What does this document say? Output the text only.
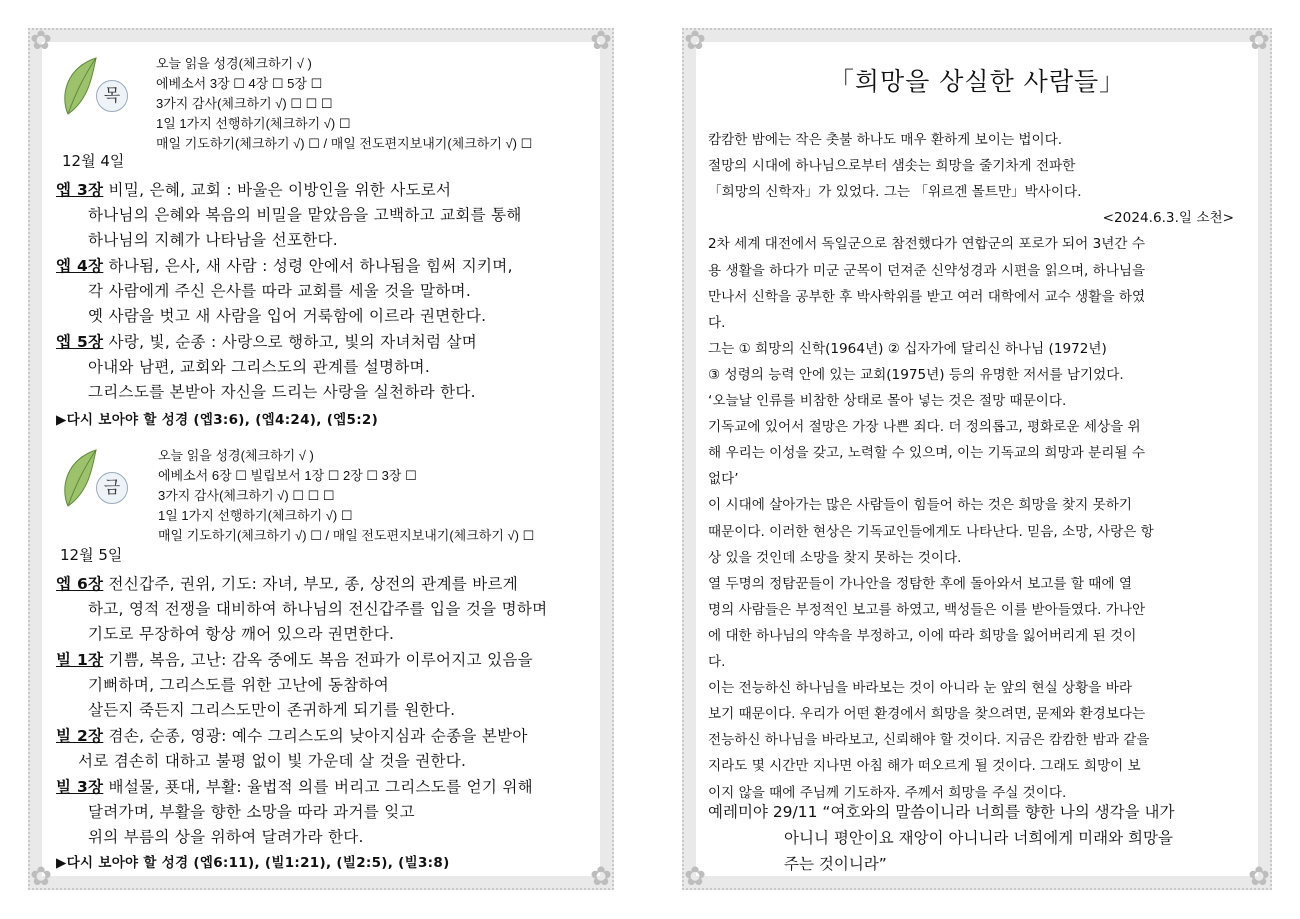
✿	✿
✿	✿
목
오늘 읽을 성경(체크하기 √ )
에베소서 3장 ☐ 4장 ☐ 5장 ☐
3가지 감사(체크하기 √) ☐ ☐ ☐
1일 1가지 선행하기(체크하기 √) ☐
매일 기도하기(체크하기 √) ☐ / 매일 전도편지보내기(체크하기 √) ☐
12월 4일
엡 3장 비밀, 은혜, 교회 : 바울은 이방인을 위한 사도로서
하나님의 은혜와 복음의 비밀을 맡았음을 고백하고 교회를 통해
하나님의 지혜가 나타남을 선포한다.
엡 4장 하나됨, 은사, 새 사람 : 성령 안에서 하나됨을 힘써 지키며,
각 사람에게 주신 은사를 따라 교회를 세울 것을 말하며.
옛 사람을 벗고 새 사람을 입어 거룩함에 이르라 권면한다.
엡 5장 사랑, 빛, 순종 : 사랑으로 행하고, 빛의 자녀처럼 살며
아내와 남편, 교회와 그리스도의 관계를 설명하며.
그리스도를 본받아 자신을 드리는 사랑을 실천하라 한다.
▶다시 보아야 할 성경 (엡3:6), (엡4:24), (엡5:2)
금
오늘 읽을 성경(체크하기 √ )
에베소서 6장 ☐ 빌립보서 1장 ☐ 2장 ☐ 3장 ☐
3가지 감사(체크하기 √) ☐ ☐ ☐
1일 1가지 선행하기(체크하기 √) ☐
매일 기도하기(체크하기 √) ☐ / 매일 전도편지보내기(체크하기 √) ☐
12월 5일
엡 6장 전신갑주, 권위, 기도: 자녀, 부모, 종, 상전의 관계를 바르게
하고, 영적 전쟁을 대비하여 하나님의 전신갑주를 입을 것을 명하며
기도로 무장하여 항상 깨어 있으라 권면한다.
빌 1장 기쁨, 복음, 고난: 감옥 중에도 복음 전파가 이루어지고 있음을
기뻐하며, 그리스도를 위한 고난에 동참하여
살든지 죽든지 그리스도만이 존귀하게 되기를 원한다.
빌 2장 겸손, 순종, 영광: 예수 그리스도의 낮아지심과 순종을 본받아
서로 겸손히 대하고 불평 없이 빛 가운데 살 것을 권한다.
빌 3장 배설물, 푯대, 부활: 율법적 의를 버리고 그리스도를 얻기 위해
달려가며, 부활을 향한 소망을 따라 과거를 잊고
위의 부름의 상을 위하여 달려가라 한다.
▶다시 보아야 할 성경 (엡6:11), (빌1:21), (빌2:5), (빌3:8)
✿	✿
✿	✿
「희망을 상실한 사람들」
캄캄한 밤에는 작은 촛불 하나도 매우 환하게 보이는 법이다.
절망의 시대에 하나님으로부터 샘솟는 희망을 줄기차게 전파한
「희망의 신학자」가 있었다. 그는 「위르겐 몰트만」박사이다.
<2024.6.3.일 소천>
2차 세계 대전에서 독일군으로 참전했다가 연합군의 포로가 되어 3년간 수
용 생활을 하다가 미군 군목이 던져준 신약성경과 시편을 읽으며, 하나님을
만나서 신학을 공부한 후 박사학위를 받고 여러 대학에서 교수 생활을 하였
다.
그는 ① 희망의 신학(1964년) ② 십자가에 달리신 하나님 (1972년)
③ 성령의 능력 안에 있는 교회(1975년) 등의 유명한 저서를 남기었다.
‘오늘날 인류를 비참한 상태로 몰아 넣는 것은 절망 때문이다.
기독교에 있어서 절망은 가장 나쁜 죄다. 더 정의롭고, 평화로운 세상을 위
해 우리는 이성을 갖고, 노력할 수 있으며, 이는 기독교의 희망과 분리될 수
없다’
이 시대에 살아가는 많은 사람들이 힘들어 하는 것은 희망을 찾지 못하기
때문이다. 이러한 현상은 기독교인들에게도 나타난다. 믿음, 소망, 사랑은 항
상 있을 것인데 소망을 찾지 못하는 것이다.
열 두명의 정탐꾼들이 가나안을 정탐한 후에 돌아와서 보고를 할 때에 열
명의 사람들은 부정적인 보고를 하였고, 백성들은 이를 받아들였다. 가나안
에 대한 하나님의 약속을 부정하고, 이에 따라 희망을 잃어버리게 된 것이
다.
이는 전능하신 하나님을 바라보는 것이 아니라 눈 앞의 현실 상황을 바라
보기 때문이다. 우리가 어떤 환경에서 희망을 찾으려면, 문제와 환경보다는
전능하신 하나님을 바라보고, 신뢰해야 할 것이다. 지금은 캄캄한 밤과 같을
지라도 몇 시간만 지나면 아침 해가 떠오르게 될 것이다. 그래도 희망이 보
이지 않을 때에 주님께 기도하자. 주께서 희망을 주실 것이다.
예레미야 29/11 “여호와의 말씀이니라 너희를 향한 나의 생각을 내가
아니니 평안이요 재앙이 아니니라 너희에게 미래와 희망을
주는 것이니라”
